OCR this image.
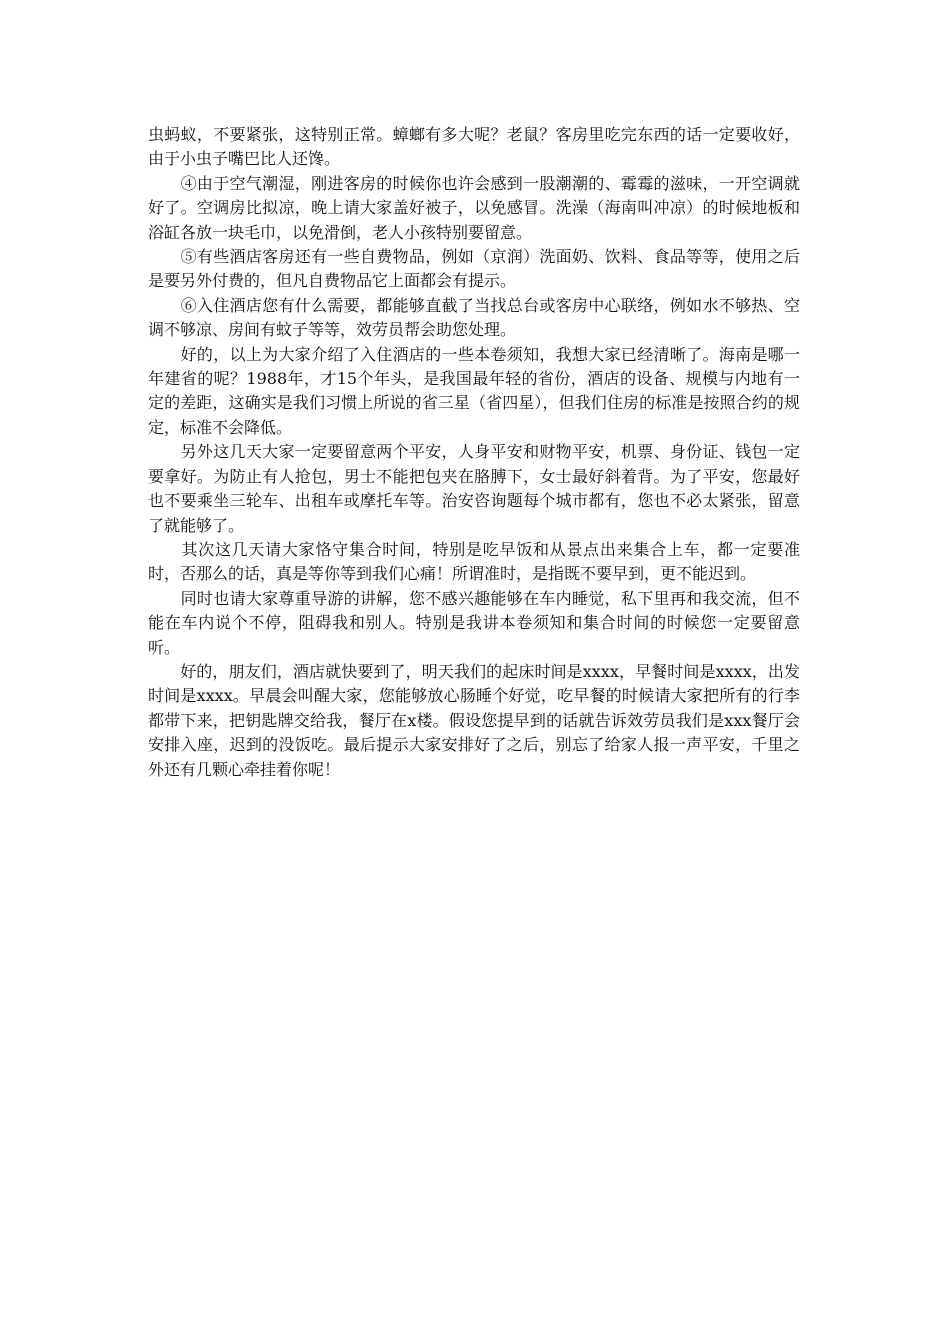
虫蚂蚁，不要紧张，这特别正常。蟑螂有多大呢？老鼠？客房里吃完东西的话一定要收好，由于小虫子嘴巴比人还馋。

　　④由于空气潮湿，刚进客房的时候你也许会感到一股潮潮的、霉霉的滋味，一开空调就好了。空调房比拟凉，晚上请大家盖好被子，以免感冒。洗澡（海南叫冲凉）的时候地板和浴缸各放一块毛巾，以免滑倒，老人小孩特别要留意。

　　⑤有些酒店客房还有一些自费物品，例如（京润）洗面奶、饮料、食品等等，使用之后是要另外付费的，但凡自费物品它上面都会有提示。

　　⑥入住酒店您有什么需要，都能够直截了当找总台或客房中心联络，例如水不够热、空调不够凉、房间有蚊子等等，效劳员帮会助您处理。

　　好的，以上为大家介绍了入住酒店的一些本卷须知，我想大家已经清晰了。海南是哪一年建省的呢？1988年，才15个年头，是我国最年轻的省份，酒店的设备、规模与内地有一定的差距，这确实是我们习惯上所说的省三星（省四星），但我们住房的标准是按照合约的规定，标准不会降低。

　　另外这几天大家一定要留意两个平安，人身平安和财物平安，机票、身份证、钱包一定要拿好。为防止有人抢包，男士不能把包夹在胳膊下，女士最好斜着背。为了平安，您最好也不要乘坐三轮车、出租车或摩托车等。治安咨询题每个城市都有，您也不必太紧张，留意了就能够了。

　　其次这几天请大家恪守集合时间，特别是吃早饭和从景点出来集合上车，都一定要准时，否那么的话，真是等你等到我们心痛！所谓准时，是指既不要早到，更不能迟到。

　　同时也请大家尊重导游的讲解，您不感兴趣能够在车内睡觉，私下里再和我交流，但不能在车内说个不停，阻碍我和别人。特别是我讲本卷须知和集合时间的时候您一定要留意听。

　　好的，朋友们，酒店就快要到了，明天我们的起床时间是xxxx，早餐时间是xxxx，出发时间是xxxx。早晨会叫醒大家，您能够放心肠睡个好觉，吃早餐的时候请大家把所有的行李都带下来，把钥匙牌交给我，餐厅在x楼。假设您提早到的话就告诉效劳员我们是xxx餐厅会安排入座，迟到的没饭吃。最后提示大家安排好了之后，别忘了给家人报一声平安，千里之外还有几颗心牵挂着你呢！
